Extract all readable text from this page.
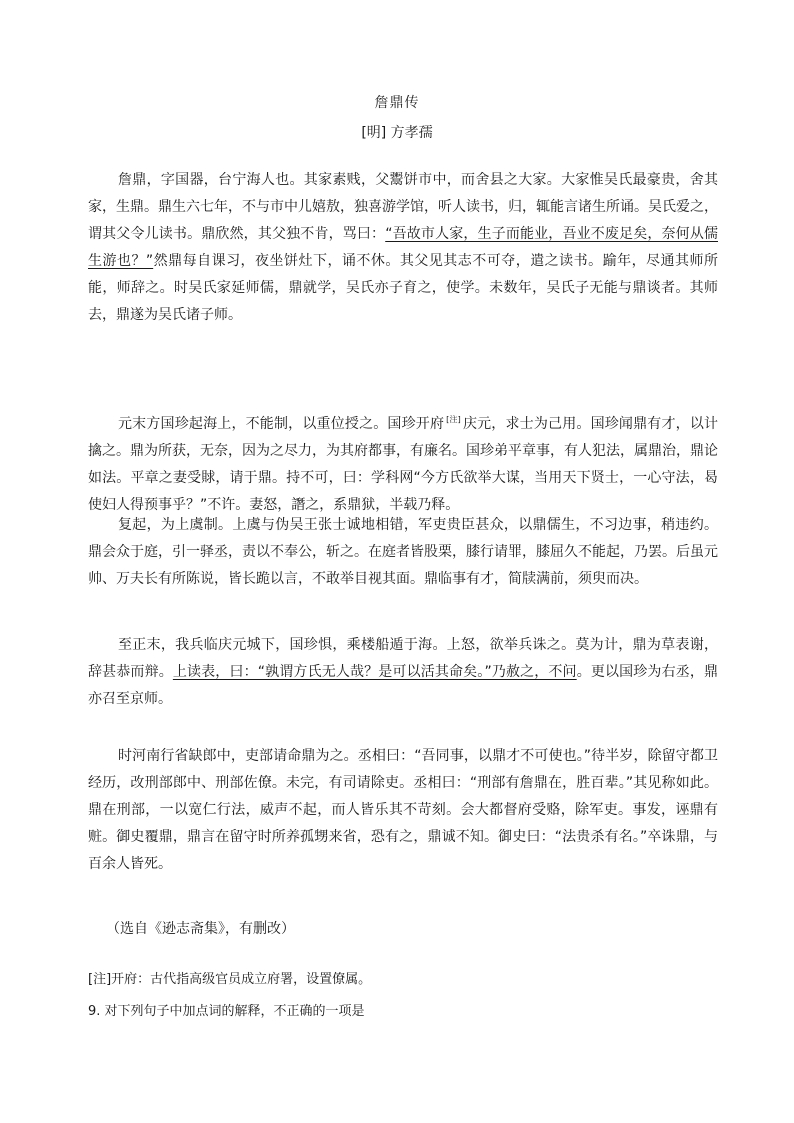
詹鼎传
[明] 方孝孺

詹鼎，字国器，台宁海人也。其家素贱，父鬻饼市中，而舍县之大家。大家惟吴氏最豪贵，舍其家，生鼎。鼎生六七年，不与市中儿嬉敖，独喜游学馆，听人读书，归，辄能言诸生所诵。吴氏爱之，谓其父令儿读书。鼎欣然，其父独不肯，骂曰：“吾故市人家，生子而能业，吾业不废足矣，奈何从儒生游也？”然鼎每自课习，夜坐饼灶下，诵不休。其父见其志不可夺，遣之读书。踰年，尽通其师所能，师辞之。时吴氏家延师儒，鼎就学，吴氏亦子育之，使学。未数年，吴氏子无能与鼎谈者。其师去，鼎遂为吴氏诸子师。

元末方国珍起海上，不能制，以重位授之。国珍开府 [注] 庆元，求士为己用。国珍闻鼎有才，以计擒之。鼎为所获，无奈，因为之尽力，为其府都事，有廉名。国珍弟平章事，有人犯法，属鼎治，鼎论如法。平章之妻受賕，请于鼎。持不可，曰：学科网“今方氏欲举大谋，当用天下贤士，一心守法，曷使妇人得预事乎？”不许。妻怒，譖之，系鼎狱，半载乃释。

复起，为上虞制。上虞与伪吴王张士诚地相错，军吏贵臣甚众，以鼎儒生，不习边事，稍违约。鼎会众于庭，引一驿丞，责以不奉公，斩之。在庭者皆股栗，膝行请罪，膝屈久不能起，乃罢。后虽元帅、万夫长有所陈说，皆长跪以言，不敢举目视其面。鼎临事有才，简牍满前，须臾而决。

至正末，我兵临庆元城下，国珍惧，乘楼船遁于海。上怒，欲举兵诛之。莫为计，鼎为草表谢，辞甚恭而辩。上读表，曰：“孰谓方氏无人哉？是可以活其命矣。”乃赦之，不问。更以国珍为右丞，鼎亦召至京师。

时河南行省缺郎中，吏部请命鼎为之。丞相曰：“吾同事，以鼎才不可使也。”待半岁，除留守都卫经历，改刑部郎中、刑部佐僚。未完，有司请除吏。丞相曰：“刑部有詹鼎在，胜百辈。”其见称如此。鼎在刑部，一以宽仁行法，威声不起，而人皆乐其不苛刻。会大都督府受赂，除军吏。事发，诬鼎有赃。御史覆鼎，鼎言在留守时所养孤甥来省，恐有之，鼎诚不知。御史曰：“法贵杀有名。”卒诛鼎，与百余人皆死。

（选自《逊志斋集》，有删改）
[注]开府：古代指高级官员成立府署，设置僚属。
9. 对下列句子中加点词的解释，不正确的一项是
